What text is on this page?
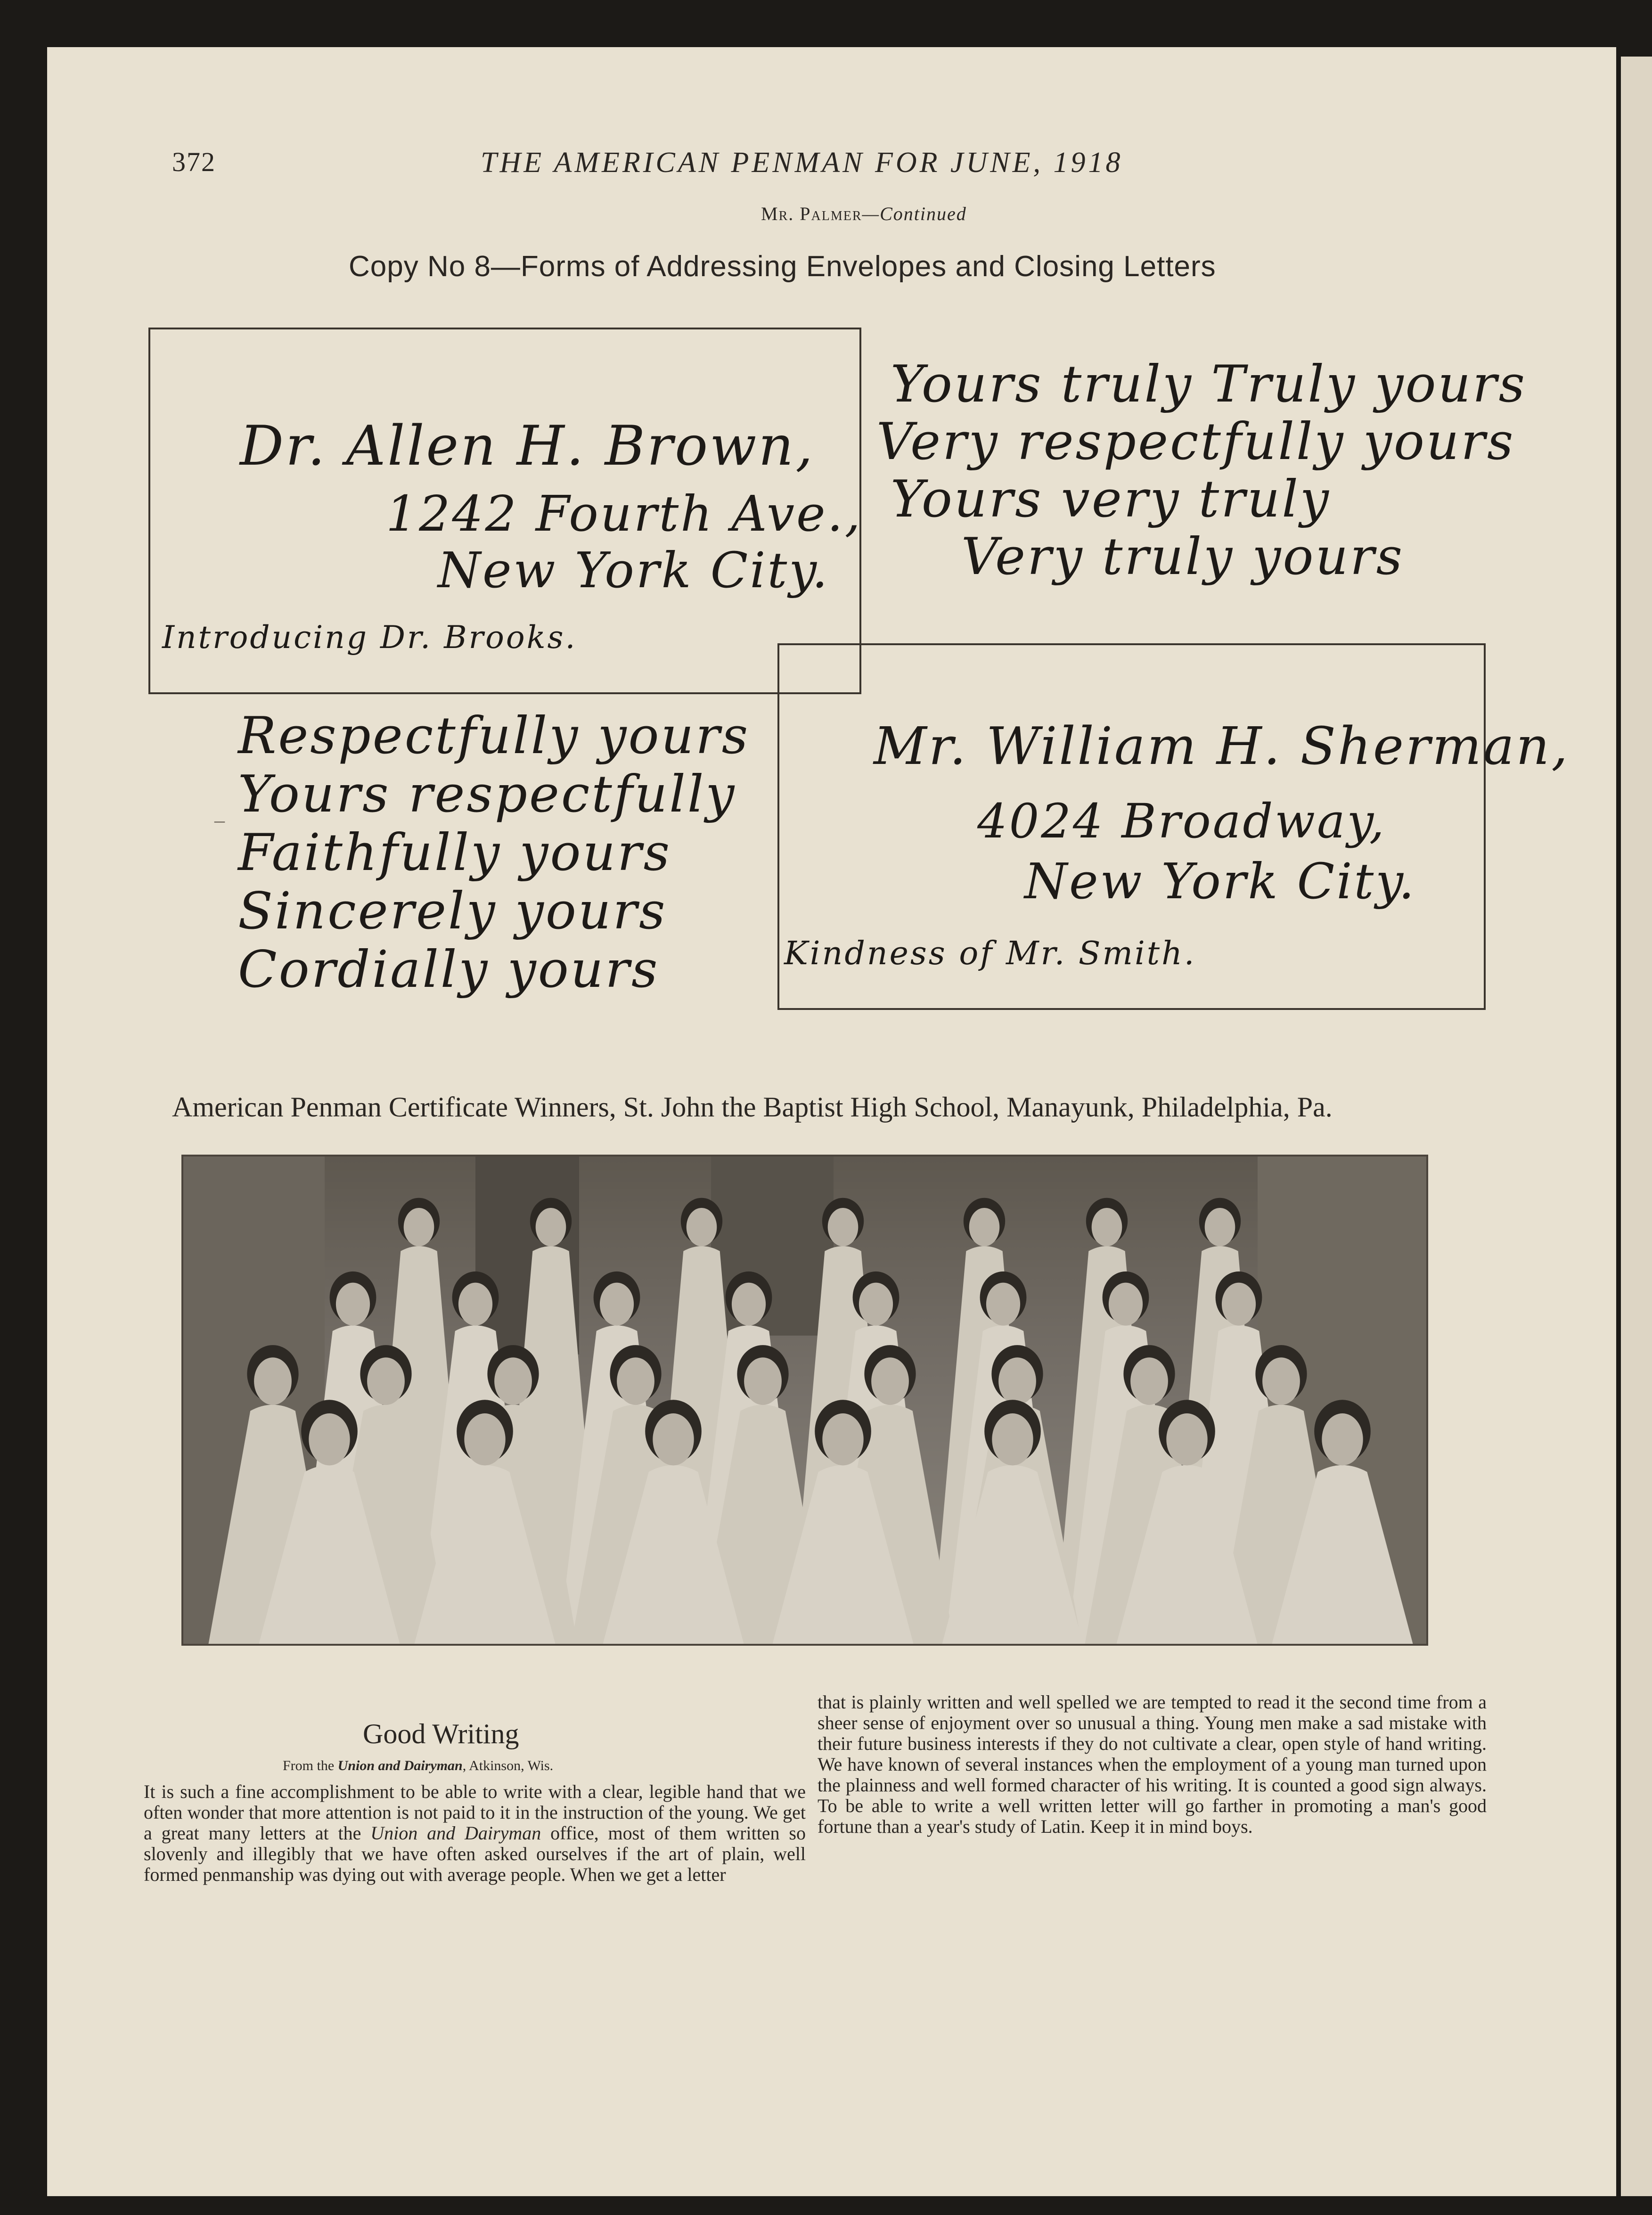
372	THE AMERICAN PENMAN FOR JUNE, 1918
Mr. Palmer—Continued
Copy No 8—Forms of Addressing Envelopes and Closing Letters
Dr. Allen H. Brown,
1242 Fourth Ave.,
New York City.
Introducing Dr. Brooks.
Yours truly Truly yours
Very respectfully yours
Yours very truly
Very truly yours
Mr. William H. Sherman,
4024 Broadway,
New York City.
Kindness of Mr. Smith.
–
Respectfully yours
Yours respectfully
Faithfully yours
Sincerely yours
Cordially yours
American Penman Certificate Winners, St. John the Baptist High School, Manayunk, Philadelphia, Pa.
Good Writing
From the Union and Dairyman, Atkinson, Wis.
It is such a fine accomplishment to be able to write with a clear, legible hand that we often wonder that more attention is not paid to it in the instruction of the young. We get a great many letters at the Union and Dairyman office, most of them written so slovenly and illegibly that we have often asked ourselves if the art of plain, well formed penmanship was dying out with average people. When we get a letter
that is plainly written and well spelled we are tempted to read it the second time from a sheer sense of enjoyment over so unusual a thing. Young men make a sad mistake with their future business interests if they do not cultivate a clear, open style of hand writing. We have known of several instances when the employment of a young man turned upon the plainness and well formed character of his writing. It is counted a good sign always. To be able to write a well written letter will go farther in promoting a man's good fortune than a year's study of Latin. Keep it in mind boys.
